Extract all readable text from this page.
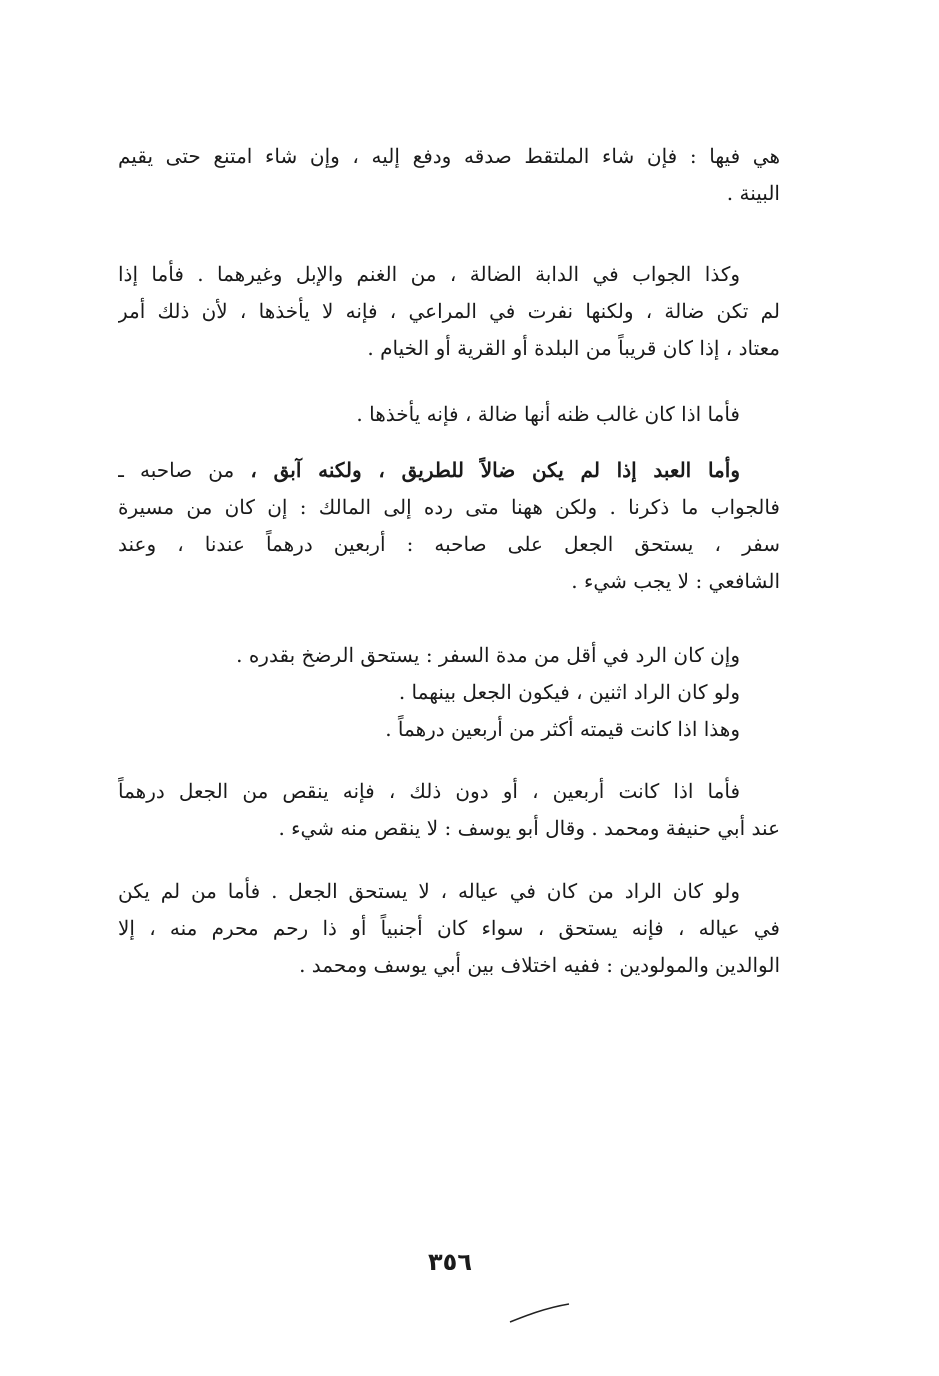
هي فيها : فإن شاء الملتقط صدقه ودفع إليه ، وإن شاء امتنع حتى يقيم
البينة .
وكذا الجواب في الدابة الضالة ، من الغنم والإبل وغيرهما . فأما إذا
لم تكن ضالة ، ولكنها نفرت في المراعي ، فإنه لا يأخذها ، لأن ذلك أمر
معتاد ، إذا كان قريباً من البلدة أو القرية أو الخيام .
فأما اذا كان غالب ظنه أنها ضالة ، فإنه يأخذها .
وأما العبد إذا لم يكن ضالاً للطريق ، ولكنه آبق ، من صاحبه ـ
فالجواب ما ذكرنا . ولكن ههنا متى رده إلى المالك : إن كان من مسيرة
سفر ، يستحق الجعل على صاحبه : أربعين درهماً عندنا ، وعند
الشافعي : لا يجب شيء .
وإن كان الرد في أقل من مدة السفر : يستحق الرضخ بقدره .
ولو كان الراد اثنين ، فيكون الجعل بينهما .
وهذا اذا كانت قيمته أكثر من أربعين درهماً .
فأما اذا كانت أربعين ، أو دون ذلك ، فإنه ينقص من الجعل درهماً
عند أبي حنيفة ومحمد . وقال أبو يوسف : لا ينقص منه شيء .
ولو كان الراد من كان في عياله ، لا يستحق الجعل . فأما من لم يكن
في عياله ، فإنه يستحق ، سواء كان أجنبياً أو ذا رحم محرم منه ، إلا
الوالدين والمولودين : ففيه اختلاف بين أبي يوسف ومحمد .
٣٥٦
